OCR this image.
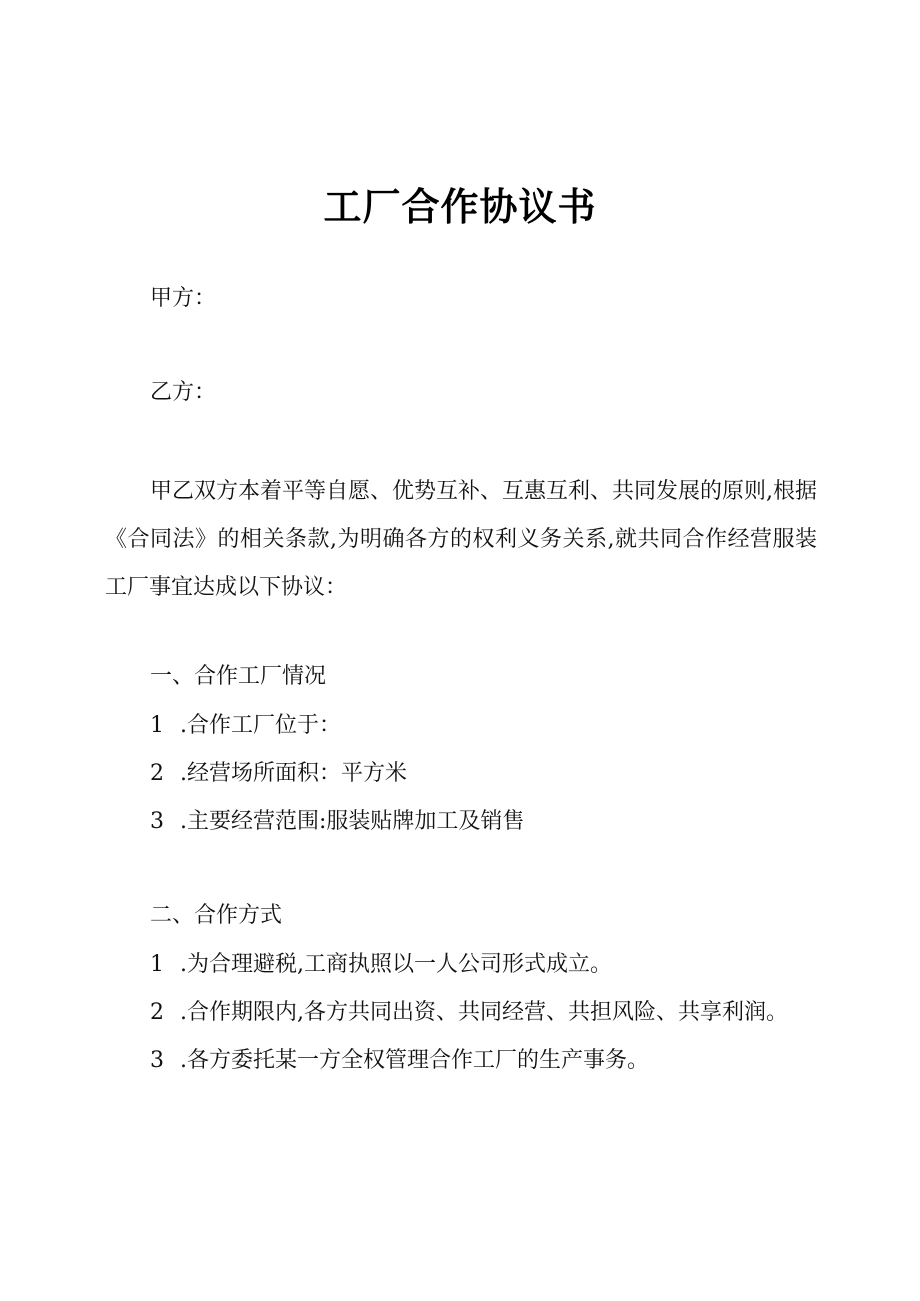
工厂合作协议书
甲方：
乙方：
甲乙双方本着平等自愿、优势互补、互惠互利、共同发展的原则,根据《合同法》的相关条款,为明确各方的权利义务关系,就共同合作经营服装工厂事宜达成以下协议：
一、合作工厂情况
1 .合作工厂位于：
2 .经营场所面积：平方米
3 .主要经营范围:服装贴牌加工及销售
二、合作方式
1 .为合理避税,工商执照以一人公司形式成立。
2 .合作期限内,各方共同出资、共同经营、共担风险、共享利润。
3 .各方委托某一方全权管理合作工厂的生产事务。
